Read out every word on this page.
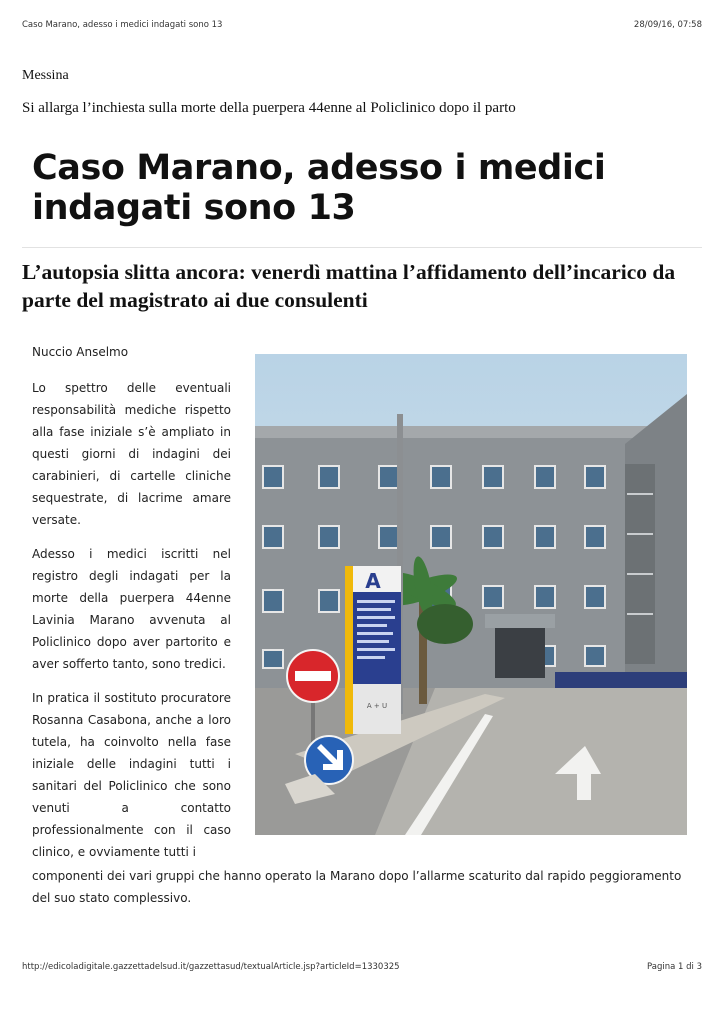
Caso Marano, adesso i medici indagati sono 13	28/09/16, 07:58
Messina
Si allarga l’inchiesta sulla morte della puerpera 44enne al Policlinico dopo il parto
Caso Marano, adesso i medici indagati sono 13
L’autopsia slitta ancora: venerdì mattina l’affidamento dell’incarico da parte del magistrato ai due consulenti
Nuccio Anselmo

Lo spettro delle eventuali responsabilità mediche rispetto alla fase iniziale s’è ampliato in questi giorni di indagini dei carabinieri, di cartelle cliniche sequestrate, di lacrime amare versate.

Adesso i medici iscritti nel registro degli indagati per la morte della puerpera 44enne Lavinia Marano avvenuta al Policlinico dopo aver partorito e aver sofferto tanto, sono tredici.

In pratica il sostituto procuratore Rosanna Casabona, anche a loro tutela, ha coinvolto nella fase iniziale delle indagini tutti i sanitari del Policlinico che sono venuti a contatto professionalmente con il caso clinico, e ovviamente tutti i

componenti dei vari gruppi che hanno operato la Marano dopo l’allarme scaturito dal rapido peggioramento del suo stato complessivo.

A
A + U
http://edicoladigitale.gazzettadelsud.it/gazzettasud/textualArticle.jsp?articleId=1330325	Pagina 1 di 3
